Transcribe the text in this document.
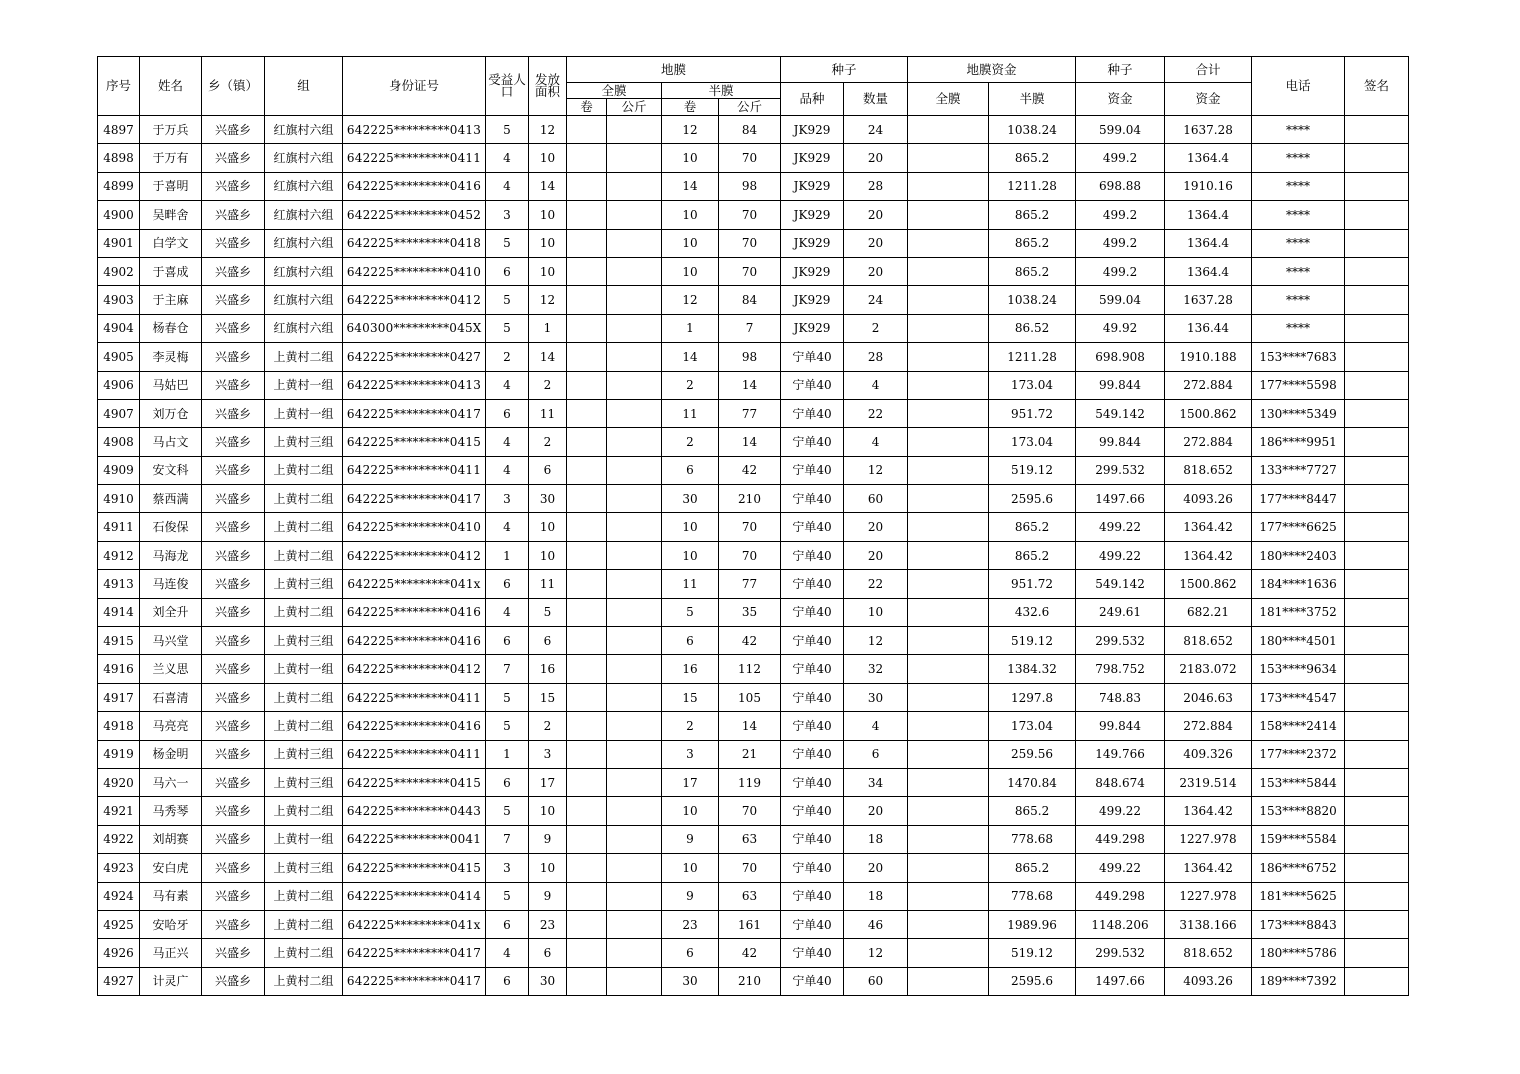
序号	姓名	乡（镇）	组	身份证号	受益人口	发放面积	地膜				种子		地膜资金		种子	合计	电话	签名
							全膜		半膜		品种	数量	全膜	半膜	资金	资金		
							卷	公斤	卷	公斤								
4897	于万兵	兴盛乡	红旗村六组	642225*********0413	5	12			12	84	JK929	24		1038.24	599.04	1637.28	****	
4898	于万有	兴盛乡	红旗村六组	642225*********0411	4	10			10	70	JK929	20		865.2	499.2	1364.4	****	
4899	于喜明	兴盛乡	红旗村六组	642225*********0416	4	14			14	98	JK929	28		1211.28	698.88	1910.16	****	
4900	吴畔舍	兴盛乡	红旗村六组	642225*********0452	3	10			10	70	JK929	20		865.2	499.2	1364.4	****	
4901	白学文	兴盛乡	红旗村六组	642225*********0418	5	10			10	70	JK929	20		865.2	499.2	1364.4	****	
4902	于喜成	兴盛乡	红旗村六组	642225*********0410	6	10			10	70	JK929	20		865.2	499.2	1364.4	****	
4903	于主麻	兴盛乡	红旗村六组	642225*********0412	5	12			12	84	JK929	24		1038.24	599.04	1637.28	****	
4904	杨春仓	兴盛乡	红旗村六组	640300*********045X	5	1			1	7	JK929	2		86.52	49.92	136.44	****	
4905	李灵梅	兴盛乡	上黄村二组	642225*********0427	2	14			14	98	宁单40	28		1211.28	698.908	1910.188	153****7683	
4906	马姑巴	兴盛乡	上黄村一组	642225*********0413	4	2			2	14	宁单40	4		173.04	99.844	272.884	177****5598	
4907	刘万仓	兴盛乡	上黄村一组	642225*********0417	6	11			11	77	宁单40	22		951.72	549.142	1500.862	130****5349	
4908	马占文	兴盛乡	上黄村三组	642225*********0415	4	2			2	14	宁单40	4		173.04	99.844	272.884	186****9951	
4909	安文科	兴盛乡	上黄村二组	642225*********0411	4	6			6	42	宁单40	12		519.12	299.532	818.652	133****7727	
4910	蔡西满	兴盛乡	上黄村二组	642225*********0417	3	30			30	210	宁单40	60		2595.6	1497.66	4093.26	177****8447	
4911	石俊保	兴盛乡	上黄村二组	642225*********0410	4	10			10	70	宁单40	20		865.2	499.22	1364.42	177****6625	
4912	马海龙	兴盛乡	上黄村二组	642225*********0412	1	10			10	70	宁单40	20		865.2	499.22	1364.42	180****2403	
4913	马连俊	兴盛乡	上黄村三组	642225*********041x	6	11			11	77	宁单40	22		951.72	549.142	1500.862	184****1636	
4914	刘全升	兴盛乡	上黄村二组	642225*********0416	4	5			5	35	宁单40	10		432.6	249.61	682.21	181****3752	
4915	马兴堂	兴盛乡	上黄村三组	642225*********0416	6	6			6	42	宁单40	12		519.12	299.532	818.652	180****4501	
4916	兰义思	兴盛乡	上黄村一组	642225*********0412	7	16			16	112	宁单40	32		1384.32	798.752	2183.072	153****9634	
4917	石喜清	兴盛乡	上黄村二组	642225*********0411	5	15			15	105	宁单40	30		1297.8	748.83	2046.63	173****4547	
4918	马亮亮	兴盛乡	上黄村二组	642225*********0416	5	2			2	14	宁单40	4		173.04	99.844	272.884	158****2414	
4919	杨金明	兴盛乡	上黄村三组	642225*********0411	1	3			3	21	宁单40	6		259.56	149.766	409.326	177****2372	
4920	马六一	兴盛乡	上黄村三组	642225*********0415	6	17			17	119	宁单40	34		1470.84	848.674	2319.514	153****5844	
4921	马秀琴	兴盛乡	上黄村二组	642225*********0443	5	10			10	70	宁单40	20		865.2	499.22	1364.42	153****8820	
4922	刘胡赛	兴盛乡	上黄村一组	642225*********0041	7	9			9	63	宁单40	18		778.68	449.298	1227.978	159****5584	
4923	安白虎	兴盛乡	上黄村三组	642225*********0415	3	10			10	70	宁单40	20		865.2	499.22	1364.42	186****6752	
4924	马有素	兴盛乡	上黄村二组	642225*********0414	5	9			9	63	宁单40	18		778.68	449.298	1227.978	181****5625	
4925	安哈牙	兴盛乡	上黄村二组	642225*********041x	6	23			23	161	宁单40	46		1989.96	1148.206	3138.166	173****8843	
4926	马正兴	兴盛乡	上黄村二组	642225*********0417	4	6			6	42	宁单40	12		519.12	299.532	818.652	180****5786	
4927	计灵广	兴盛乡	上黄村二组	642225*********0417	6	30			30	210	宁单40	60		2595.6	1497.66	4093.26	189****7392	
